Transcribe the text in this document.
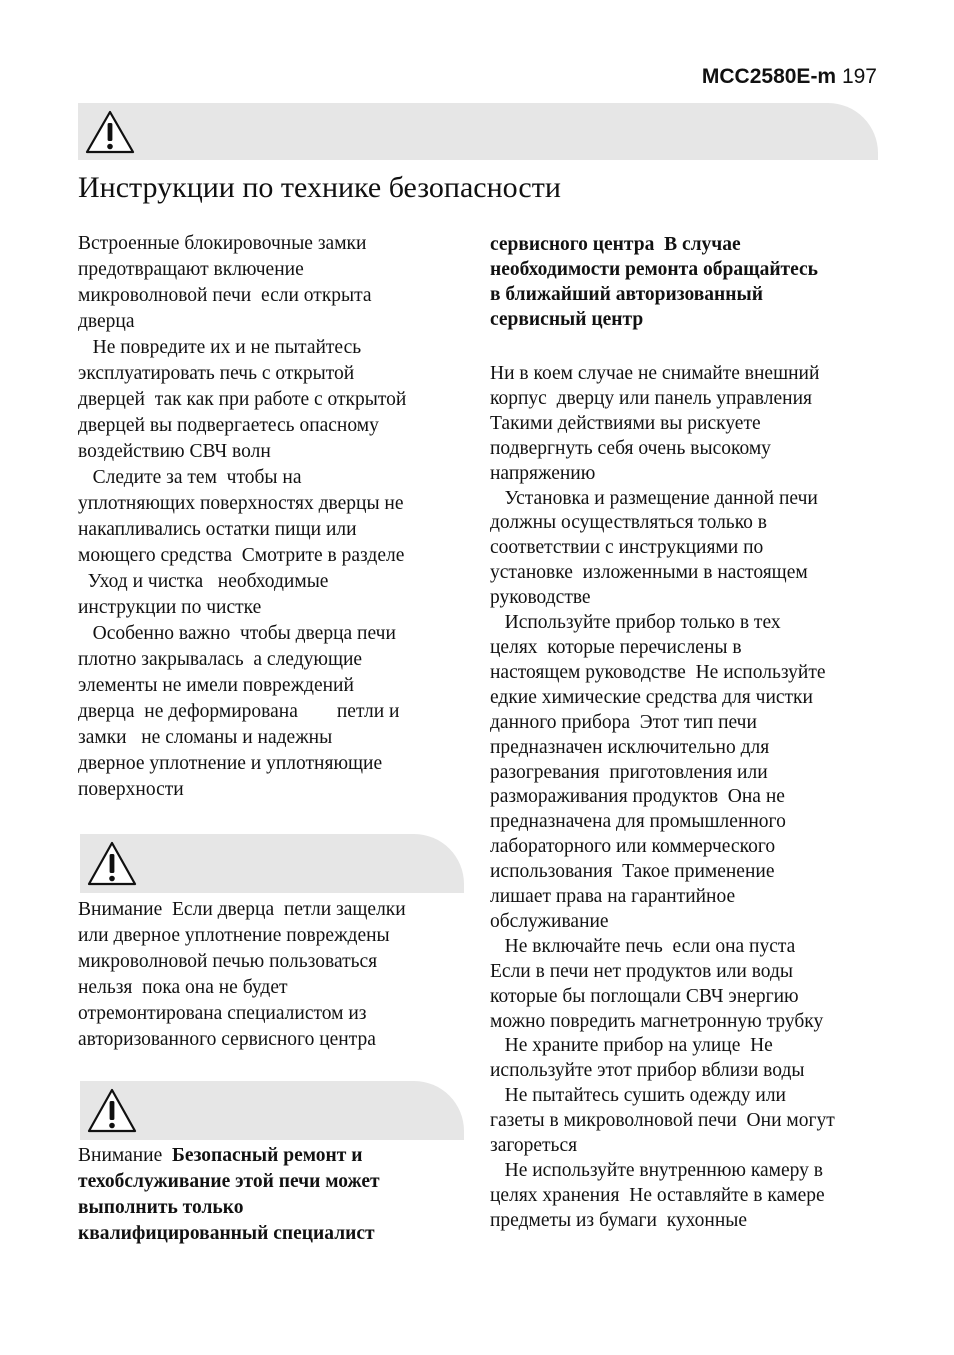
MCC2580E-m 197
Инструкции по технике безопасности

Встроенные блокировочные замки
предотвращают включение
микроволновой печи  если открыта
дверца
Не повредите их и не пытайтесь
эксплуатировать печь с открытой
дверцей  так как при работе с открытой
дверцей вы подвергаетесь опасному
воздействию СВЧ волн
Следите за тем  чтобы на
уплотняющих поверхностях дверцы не
накапливались остатки пищи или
моющего средства  Смотрите в разделе
Уход и чистка   необходимые
инструкции по чистке
Особенно важно  чтобы дверца печи
плотно закрывалась  а следующие
элементы не имели повреждений
дверца  не деформирована        петли и
замки   не сломаны и надежны
дверное уплотнение и уплотняющие
поверхности

Внимание  Если дверца  петли защелки
или дверное уплотнение повреждены
микроволновой печью пользоваться
нельзя  пока она не будет
отремонтирована специалистом из
авторизованного сервисного центра

Внимание  Безопасный ремонт и

техобслуживание этой печи может
выполнить только
квалифицированный специалист

сервисного центра  В случае
необходимости ремонта обращайтесь
в ближайший авторизованный
сервисный центр

Ни в коем случае не снимайте внешний
корпус  дверцу или панель управления
Такими действиями вы рискуете
подвергнуть себя очень высокому
напряжению
Установка и размещение данной печи
должны осуществляться только в
соответствии с инструкциями по
установке  изложенными в настоящем
руководстве
Используйте прибор только в тех
целях  которые перечислены в
настоящем руководстве  Не используйте
едкие химические средства для чистки
данного прибора  Этот тип печи
предназначен исключительно для
разогревания  приготовления или
размораживания продуктов  Она не
предназначена для промышленного
лабораторного или коммерческого
использования  Такое применение
лишает права на гарантийное
обслуживание
Не включайте печь  если она пуста
Если в печи нет продуктов или воды
которые бы поглощали СВЧ энергию
можно повредить магнетронную трубку
Не храните прибор на улице  Не
используйте этот прибор вблизи воды
Не пытайтесь сушить одежду или
газеты в микроволновой печи  Они могут
загореться
Не используйте внутреннюю камеру в
целях хранения  Не оставляйте в камере
предметы из бумаги  кухонные
